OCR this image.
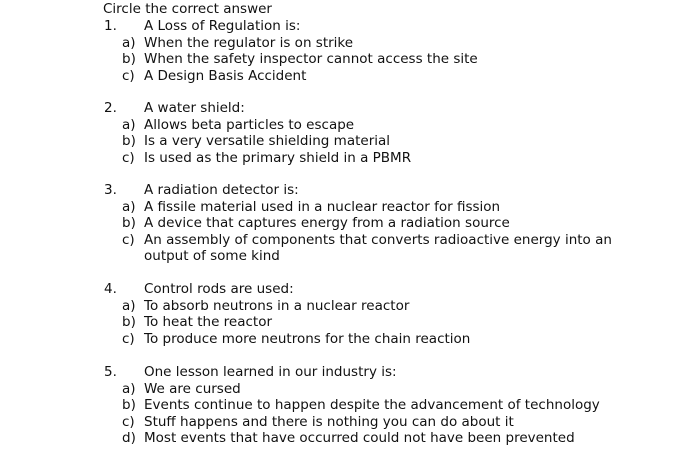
Circle the correct answer
1. A Loss of Regulation is:
a) When the regulator is on strike
b) When the safety inspector cannot access the site
c) A Design Basis Accident
2. A water shield:
a) Allows beta particles to escape
b) Is a very versatile shielding material
c) Is used as the primary shield in a PBMR
3. A radiation detector is:
a) A fissile material used in a nuclear reactor for fission
b) A device that captures energy from a radiation source
c) An assembly of components that converts radioactive energy into an
output of some kind
4. Control rods are used:
a) To absorb neutrons in a nuclear reactor
b) To heat the reactor
c) To produce more neutrons for the chain reaction
5. One lesson learned in our industry is:
a) We are cursed
b) Events continue to happen despite the advancement of technology
c) Stuff happens and there is nothing you can do about it
d) Most events that have occurred could not have been prevented
